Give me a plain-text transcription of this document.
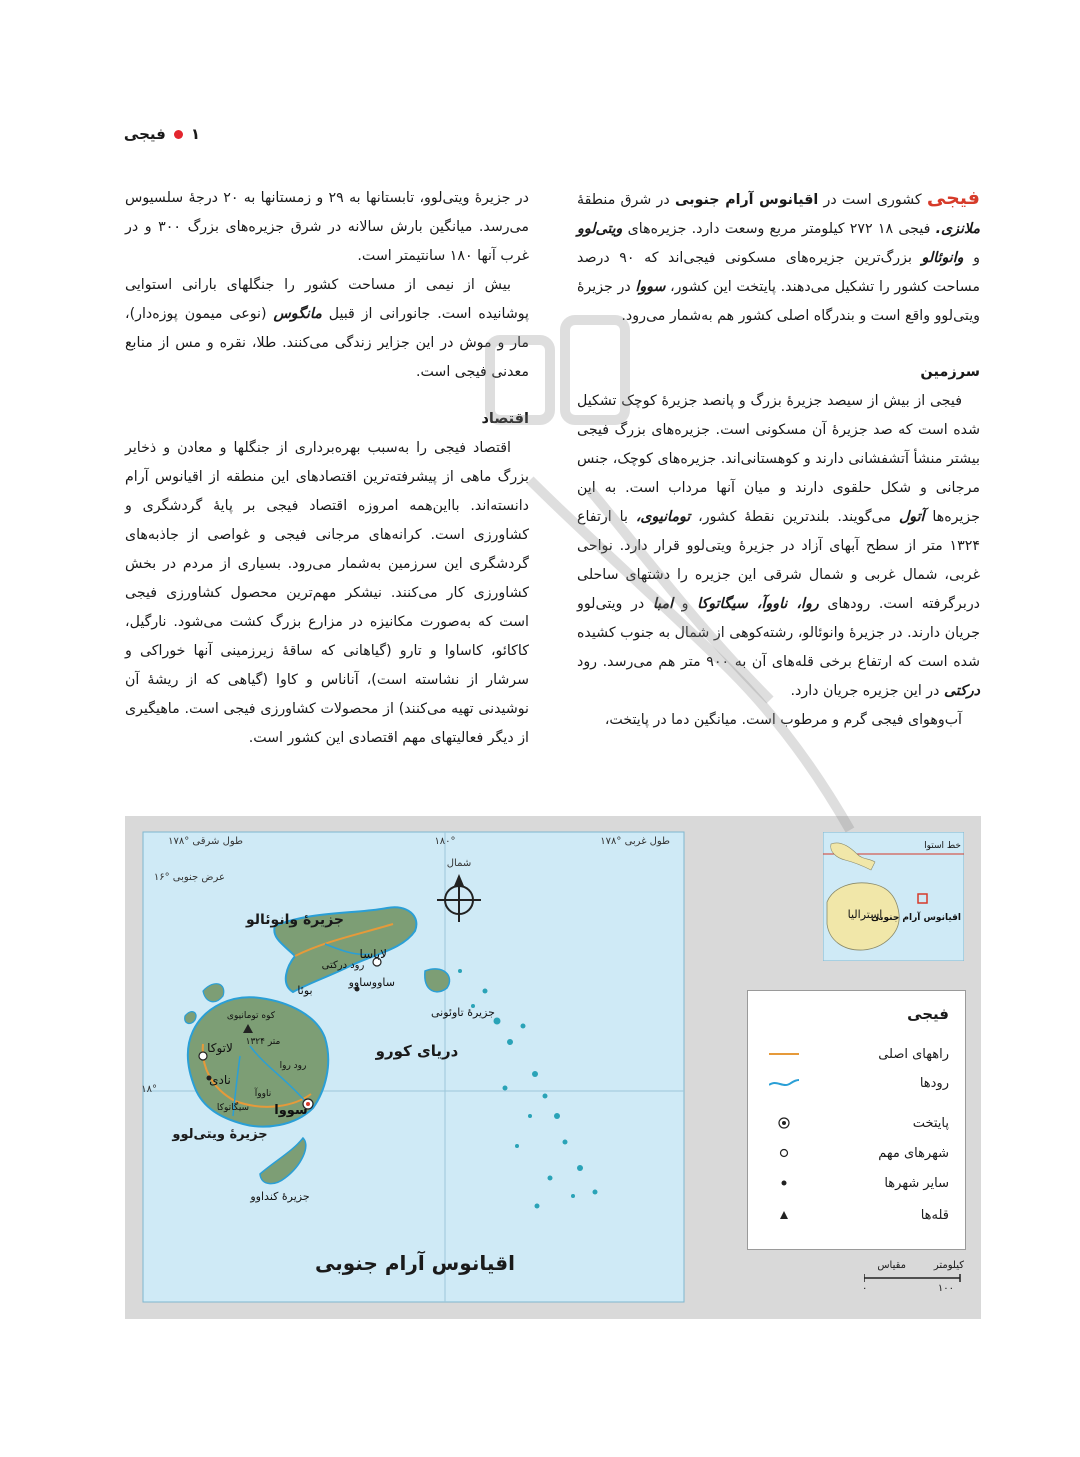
۱
فیجی

فیجی کشوری است در اقیانوس آرام جنوبی در شرق منطقهٔ ملانزی. فیجی ۱۸ ۲۷۲ کیلومتر مربع وسعت دارد. جزیره‌های ویتی‌لوو و وانوئالو بزرگ‌ترین جزیره‌های مسکونی فیجی‌اند که ۹۰ درصد مساحت کشور را تشکیل می‌دهند. پایتخت این کشور، سووا در جزیرهٔ ویتی‌لوو واقع است و بندرگاه اصلی کشور هم به‌شمار می‌رود.

سرزمین

فیجی از بیش از سیصد جزیرهٔ بزرگ و پانصد جزیرهٔ کوچک تشکیل شده است که صد جزیرهٔ آن مسکونی است. جزیره‌های بزرگ فیجی بیشتر منشأ آتشفشانی دارند و کوهستانی‌اند. جزیره‌های کوچک، جنس مرجانی و شکل حلقوی دارند و میان آنها مرداب است. به این جزیره‌ها آتول می‌گویند. بلندترین نقطهٔ کشور، تومانیوی، با ارتفاع ۱۳۲۴ متر از سطح آبهای آزاد در جزیرهٔ ویتی‌لوو قرار دارد. نواحی غربی، شمال غربی و شمال شرقی این جزیره را دشتهای ساحلی دربرگرفته است. رودهای روا، ناووآ، سیگاتوکا و امبا در ویتی‌لوو جریان دارند. در جزیرهٔ وانوئالو، رشته‌کوهی از شمال به جنوب کشیده شده است که ارتفاع برخی قله‌های آن به ۹۰۰ متر هم می‌رسد. رود درکتی در این جزیره جریان دارد.

آب‌وهوای فیجی گرم و مرطوب است. میانگین دما در پایتخت،

در جزیرهٔ ویتی‌لوو، تابستانها به ۲۹ و زمستانها به ۲۰ درجهٔ سلسیوس می‌رسد. میانگین بارش سالانه در شرق جزیره‌های بزرگ ۳۰۰ و در غرب آنها ۱۸۰ سانتیمتر است.

بیش از نیمی از مساحت کشور را جنگلهای بارانی استوایی پوشانیده است. جانورانی از قبیل مانگوس (نوعی میمون پوزه‌دار)، مار و موش در این جزایر زندگی می‌کنند. طلا، نقره و مس از منابع معدنی فیجی است.

اقتصاد

اقتصاد فیجی را به‌سبب بهره‌برداری از جنگلها و معادن و ذخایر بزرگ ماهی از پیشرفته‌ترین اقتصادهای این منطقه از اقیانوس آرام دانسته‌اند. بااین‌همه امروزه اقتصاد فیجی بر پایهٔ گردشگری و کشاورزی است. کرانه‌های مرجانی فیجی و غواصی از جاذبه‌های گردشگری این سرزمین به‌شمار می‌رود. بسیاری از مردم در بخش کشاورزی کار می‌کنند. نیشکر مهم‌ترین محصول کشاورزی فیجی است که به‌صورت مکانیزه در مزارع بزرگ کشت می‌شود. نارگیل، کاکائو، کاساوا و تارو (گیاهانی که ساقهٔ زیرزمینی آنها خوراکی و سرشار از نشاسته است)، آناناس و کاوا (گیاهی که از ریشهٔ آن نوشیدنی تهیه می‌کنند) از محصولات کشاورزی فیجی است. ماهیگیری از دیگر فعالیتهای مهم اقتصادی این کشور است.

۱۷۸° طول شرقی	۱۸۰°	۱۷۸° طول غربی
۱۶° عرض جنوبی
۱۸°
شمال
جزیرهٔ وانوئالو
لاباسا
رود درکتی
ساووساوو
بوئا
جزیرهٔ تاوئونی
دریای کورو
کوه تومانیوی
۱۳۲۴ متر
لاتوکا
نادی
سووا
رود روا
ناووآ
سیگاتوکا
جزیرهٔ ویتی‌لوو
جزیرهٔ کنداوو
اقیانوس آرام جنوبی
خط استوا
استرالیا
اقیانوس آرام جنوبی
فیجی
راههای اصلی
رودها
پایتخت
شهرهای مهم
سایر شهرها
قله‌ها
کیلومتر
مقیاس
۰	۱۰۰
